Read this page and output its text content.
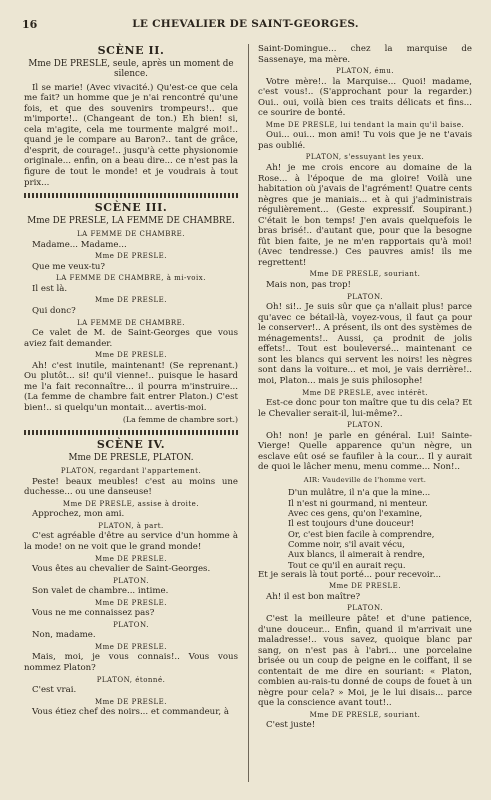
16	LE CHEVALIER DE SAINT-GEORGES.
SCÈNE II.
Mme DE PRESLE, seule, après un moment de silence.

Il se marie! (Avec vivacité.) Qu'est-ce que cela me fait? un homme que je n'ai rencontré qu'une fois, et que des souvenirs trompeurs!.. que m'importe!.. (Changeant de ton.) Eh bien! si, cela m'agite, cela me tourmente malgré moi!.. quand je le compare au Baron?.. tant de grâce, d'esprit, de courage!.. jusqu'à cette physionomie originale... enfin, on a beau dire... ce n'est pas la figure de tout le monde! et je voudrais à tout prix...

SCÈNE III.
Mme DE PRESLE, LA FEMME DE CHAMBRE.
LA FEMME DE CHAMBRE.

Madame... Madame...

Mme DE PRESLE.

Que me veux-tu?

LA FEMME DE CHAMBRE, à mi-voix.

Il est là.

Mme DE PRESLE.

Qui donc?

LA FEMME DE CHAMBRE.

Ce valet de M. de Saint-Georges que vous aviez fait demander.

Mme DE PRESLE.

Ah! c'est inutile, maintenant! (Se reprenant.) Ou plutôt... si! qu'il vienne!.. puisque le hasard me l'a fait reconnaître... il pourra m'instruire... (La femme de chambre fait entrer Platon.) C'est bien!.. si quelqu'un montait... avertis-moi.

(La femme de chambre sort.)
SCÈNE IV.
Mme DE PRESLE, PLATON.
PLATON, regardant l'appartement.

Peste! beaux meubles! c'est au moins une duchesse... ou une danseuse!

Mme DE PRESLE, assise à droite.

Approchez, mon ami.

PLATON, à part.

C'est agréable d'être au service d'un homme à la mode! on ne voit que le grand monde!

Mme DE PRESLE.

Vous êtes au chevalier de Saint-Georges.

PLATON.

Son valet de chambre... intime.

Mme DE PRESLE.

Vous ne me connaissez pas?

PLATON.

Non, madame.

Mme DE PRESLE.

Mais, moi, je vous connais!.. Vous vous nommez Platon?

PLATON, étonné.

C'est vrai.

Mme DE PRESLE.

Vous étiez chef des noirs... et commandeur, à

Saint-Domingue... chez la marquise de Sassenaye, ma mère.

PLATON, ému.

Votre mère!.. la Marquise... Quoi! madame, c'est vous!.. (S'approchant pour la regarder.) Oui.. oui, voilà bien ces traits délicats et fins... ce sourire de bonté.

Mme DE PRESLE, lui tendant la main qu'il baise.

Oui... oui... mon ami! Tu vois que je ne t'avais pas oublié.

PLATON, s'essuyant les yeux.

Ah! je me crois encore au domaine de la Rose... à l'époque de ma gloire! Voilà une habitation où j'avais de l'agrément! Quatre cents nègres que je maniais... et à qui j'administrais régulièrement... (Geste expressif. Soupirant.) C'était le bon temps! J'en avais quelquefois le bras brisé!.. d'autant que, pour que la besogne fût bien faite, je ne m'en rapportais qu'à moi! (Avec tendresse.) Ces pauvres amis! ils me regrettent!

Mme DE PRESLE, souriant.

Mais non, pas trop!

PLATON.

Oh! si!.. Je suis sûr que ça n'allait plus! parce qu'avec ce bétail-là, voyez-vous, il faut ça pour le conserver!.. A présent, ils ont des systèmes de ménagements!.. Aussi, ça prodnit de jolis effets!.. Tout est bouleversé... maintenant ce sont les blancs qui servent les noirs! les nègres sont dans la voiture... et moi, je vais derrière!.. moi, Platon... mais je suis philosophe!

Mme DE PRESLE, avec intérêt.

Est-ce donc pour ton maître que tu dis cela? Et le Chevalier serait-il, lui-même?..

PLATON.

Oh! non! je parle en général. Lui! Sainte-Vierge! Quelle apparence qu'un nègre, un esclave eût osé se faufiler à la cour... Il y aurait de quoi le lâcher menu, menu comme... Non!..

AIR: Vaudeville de l'homme vert.
D'un mulâtre, il n'a que la mine...
Il n'est ni gourmand, ni menteur.
Avec ces gens, qu'on l'examine,
Il est toujours d'une douceur!
Or, c'est bien facile à comprendre,
Comme noir, s'il avait vécu,
Aux blancs, il aimerait à rendre,
Tout ce qu'il en aurait reçu.

Et je serais là tout porté... pour recevoir...

Mme DE PRESLE.

Ah! il est bon maître?

PLATON.

C'est la meilleure pâte! et d'une patience, d'une douceur... Enfin, quand il m'arrivait une maladresse!.. vous savez, quoique blanc par sang, on n'est pas à l'abri... une porcelaine brisée ou un coup de peigne en le coiffant, il se contentait de me dire en souriant: « Platon, combien au-rais-tu donné de coups de fouet à un nègre pour cela? » Moi, je le lui disais... parce que la conscience avant tout!..

Mme DE PRESLE, souriant.

C'est juste!
